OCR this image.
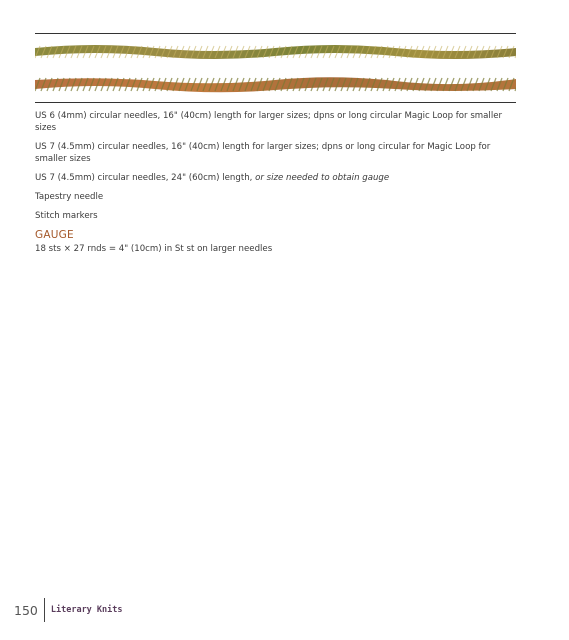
US 6 (4mm) circular needles, 16" (40cm) length for larger sizes; dpns or long circular Magic Loop for smaller sizes

US 7 (4.5mm) circular needles, 16" (40cm) length for larger sizes; dpns or long circular for Magic Loop for smaller sizes

US 7 (4.5mm) circular needles, 24" (60cm) length, or size needed to obtain gauge

Tapestry needle

Stitch markers

GAUGE

18 sts × 27 rnds = 4" (10cm) in St st on larger needles

150	Literary Knits
